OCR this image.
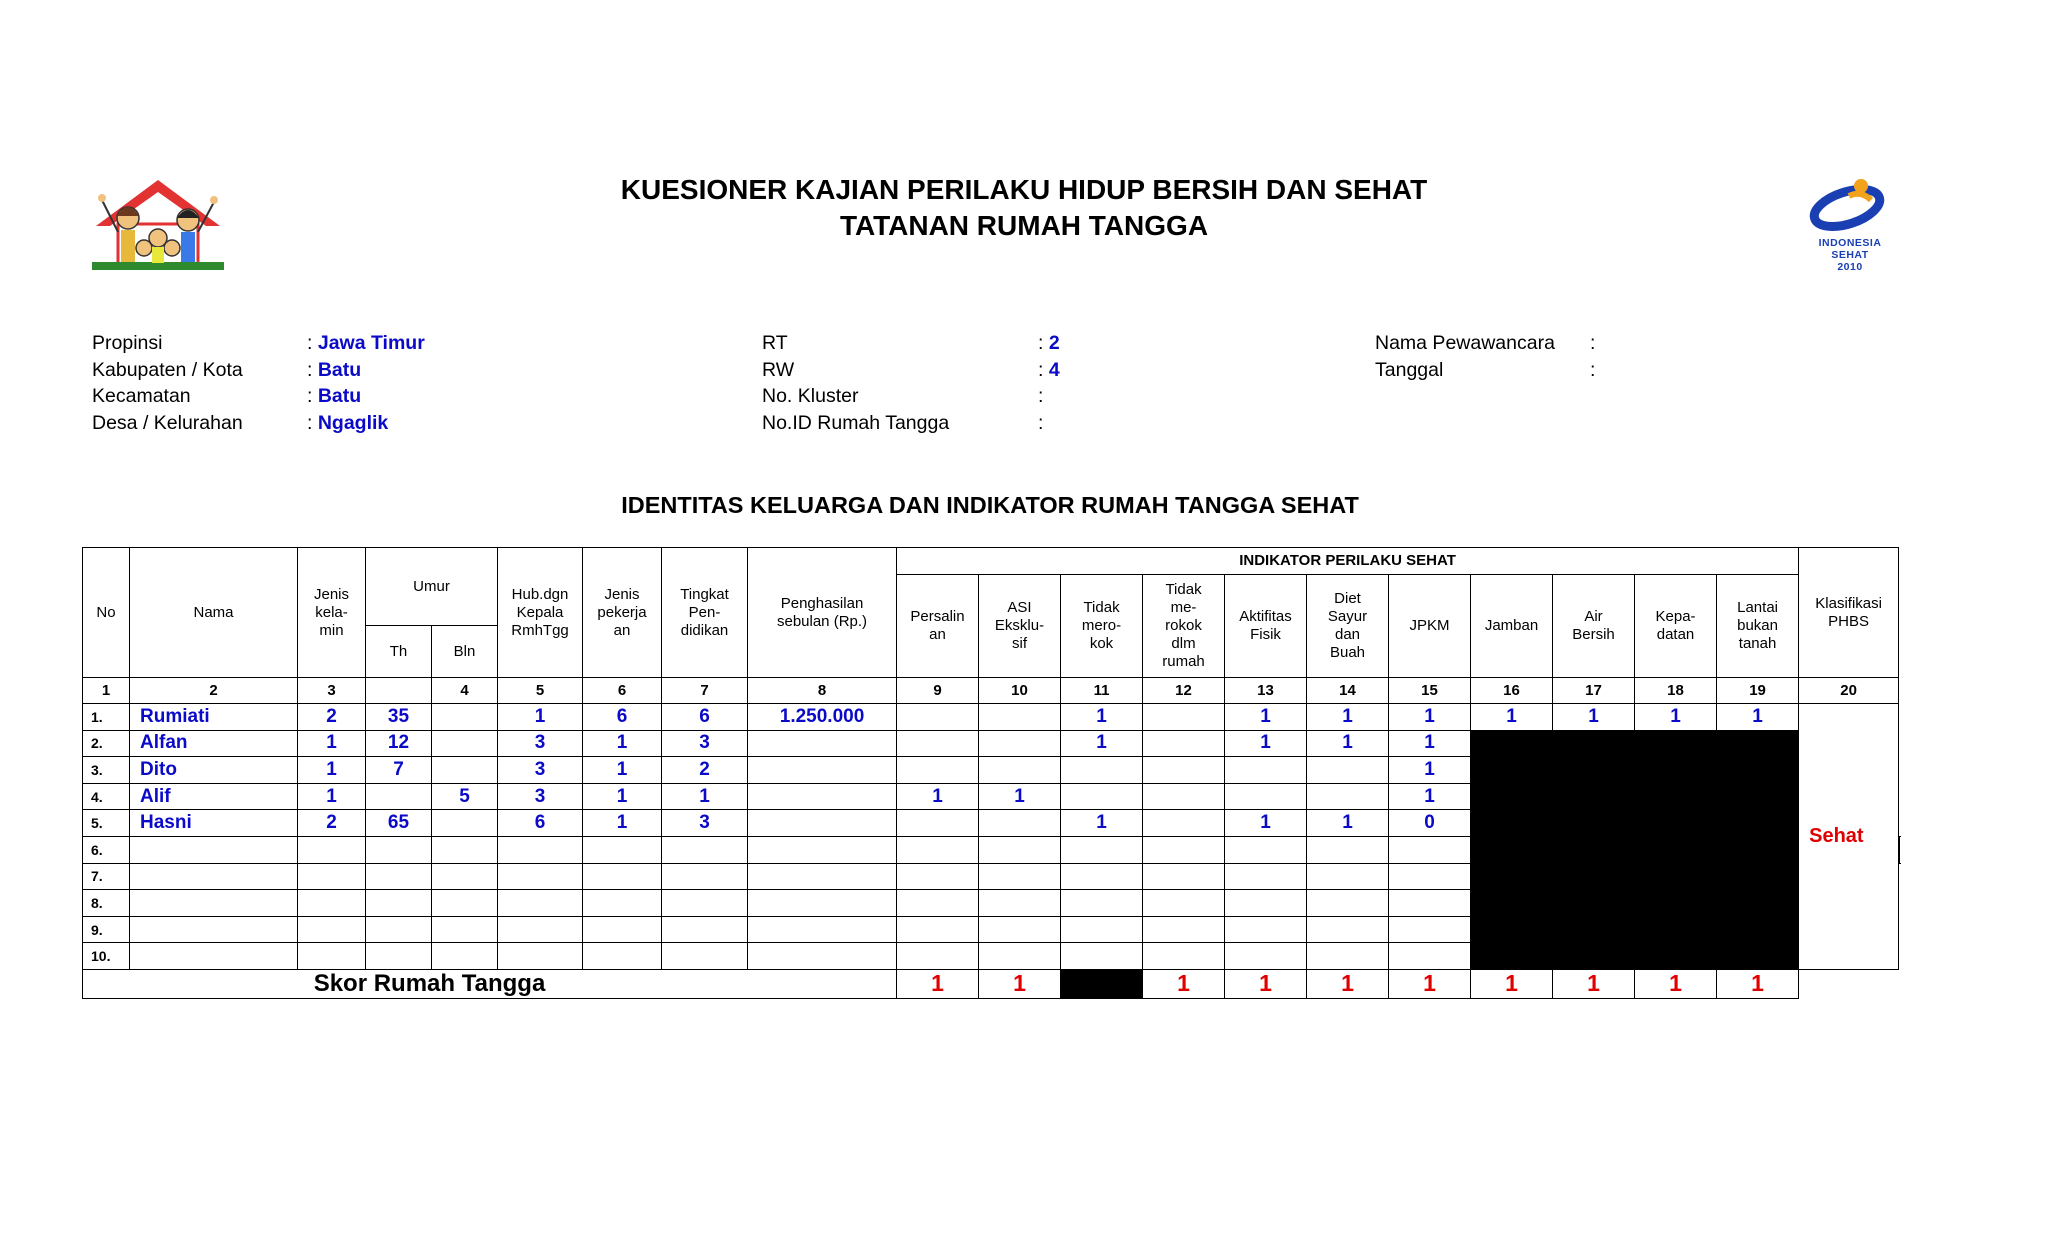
INDONESIA
SEHAT
2010
KUESIONER KAJIAN PERILAKU HIDUP BERSIH DAN SEHAT
TATANAN RUMAH TANGGA
Propinsi	:
Jawa Timur
Kabupaten / Kota	:
Batu
Kecamatan	:
Batu
Desa / Kelurahan	:
Ngaglik
RT	:
2
RW	:
4
No. Kluster	:

No.ID Rumah Tangga	:

Nama Pewawancara	:

Tanggal	:

IDENTITAS KELUARGA DAN INDIKATOR RUMAH TANGGA SEHAT
No	Nama	Jenis kela- min	Umur		Hub.dgn Kepala RmhTgg	Jenis pekerja an	Tingkat Pen- didikan	Penghasilan sebulan (Rp.)	INDIKATOR PERILAKU SEHAT											Klasifikasi PHBS	
									Persalin an	ASI Eksklu- sif	Tidak mero- kok	Tidak me- rokok dlm rumah	Aktifitas Fisik	Diet Sayur dan Buah	JPKM	Jamban	Air Bersih	Kepa- datan	Lantai bukan tanah		
			Th	Bln																	
1	2	3		4	5	6	7	8	9	10	11	12	13	14	15	16	17	18	19	20	
1.	Rumiati	2	35		1	6	6	1.250.000			1		1	1	1	1	1	1	1	Sehat	
2.	Alfan	1	12		3	1	3				1		1	1	1						
3.	Dito	1	7		3	1	2								1						
4.	Alif	1		5	3	1	1		1	1					1						
5.	Hasni	2	65		6	1	3				1		1	1	0						
6.																					
7.																					
8.																					
9.																					
10.																					
Skor Rumah Tangga									1	1		1	1	1	1	1	1	1	1		
